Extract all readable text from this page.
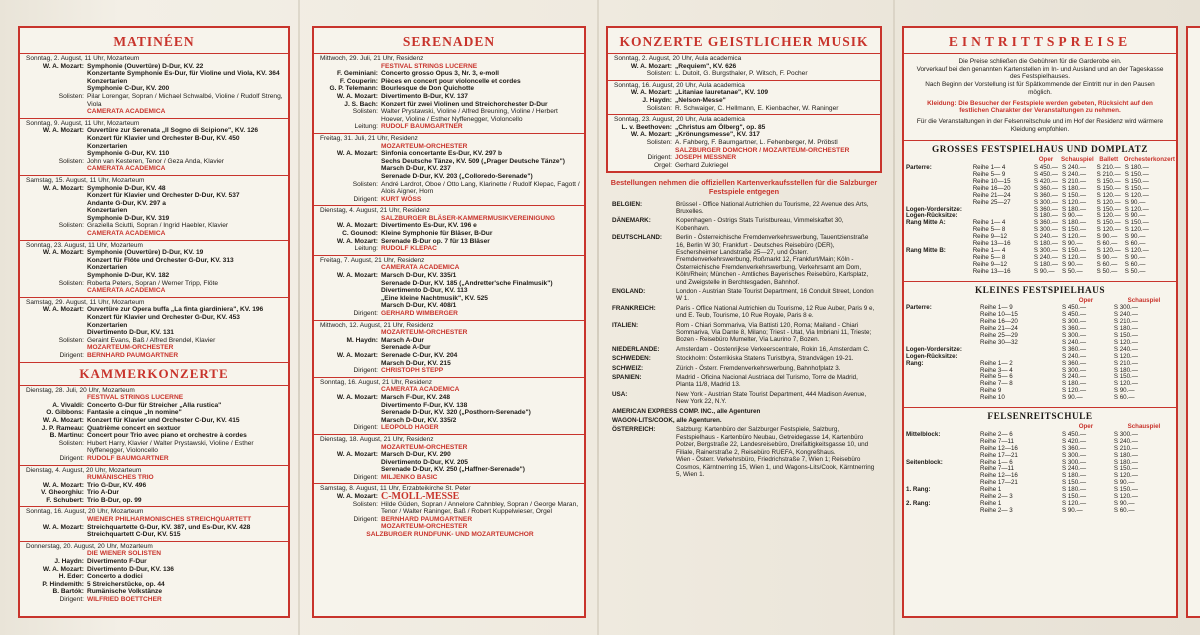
MATINÉEN
Sonntag, 2. August, 11 Uhr, Mozarteum
W. A. Mozart: Symphonie (Ouvertüre) D-Dur, KV. 22
Konzertante Symphonie Es-Dur, für Violine und Viola, KV. 364
Konzertarien
Symphonie C-Dur, KV. 200
Solisten: Pilar Lorengar, Sopran / Michael Schwalbé, Violine / Rudolf Streng, Viola
CAMERATA ACADEMICA
Sonntag, 9. August, 11 Uhr, Mozarteum
W. A. Mozart: Ouvertüre zur Serenata „Il Sogno di Scipione", KV. 126
Konzert für Klavier und Orchester B-Dur, KV. 450
Konzertarien
Symphonie G-Dur, KV. 110
Solisten: John van Kesteren, Tenor / Geza Anda, Klavier
CAMERATA ACADEMICA
Samstag, 15. August, 11 Uhr, Mozarteum
W. A. Mozart: Symphonie D-Dur, KV. 48
Konzert für Klavier und Orchester D-Dur, KV. 537
Andante G-Dur, KV. 297 a
Konzertarien
Symphonie D-Dur, KV. 319
Solisten: Graziella Sciutti, Sopran / Ingrid Haebler, Klavier
CAMERATA ACADEMICA
Sonntag, 23. August, 11 Uhr, Mozarteum
W. A. Mozart: Symphonie (Ouvertüre) D-Dur, KV. 19
Konzert für Flöte und Orchester G-Dur, KV. 313
Konzertarien
Symphonie D-Dur, KV. 182
Solisten: Roberta Peters, Sopran / Werner Tripp, Flöte
CAMERATA ACADEMICA
Samstag, 29. August, 11 Uhr, Mozarteum
W. A. Mozart: Ouvertüre zur Opera buffa „La finta giardiniera", KV. 196
Konzert für Klavier und Orchester G-Dur, KV. 453
Konzertarien
Divertimento D-Dur, KV. 131
Solisten: Geraint Evans, Baß / Alfred Brendel, Klavier
MOZARTEUM-ORCHESTER
Dirigent: BERNHARD PAUMGARTNER
KAMMERKONZERTE
Dienstag, 28. Juli, 20 Uhr, Mozarteum
FESTIVAL STRINGS LUCERNE
A. Vivaldi: Concerto G-Dur für Streicher „Alla rustica"
O. Gibbons: Fantasie a cinque „In nomine"
W. A. Mozart: Konzert für Klavier und Orchester C-Dur, KV. 415
J. P. Rameau: Quatrième concert en sextuor
B. Martinu: Concert pour Trio avec piano et orchestre à cordes
Solisten: Hubert Harry, Klavier / Walter Prystawski, Violine / Esther Nyffenegger, Violoncello
Dirigent: RUDOLF BAUMGARTNER
Dienstag, 4. August, 20 Uhr, Mozarteum
RUMÄNISCHES TRIO
W. A. Mozart: Trio G-Dur, KV. 496
V. Gheorghiu: Trio A-Dur
F. Schubert: Trio B-Dur, op. 99
Sonntag, 16. August, 20 Uhr, Mozarteum
WIENER PHILHARMONISCHES STREICHQUARTETT
W. A. Mozart: Streichquartette G-Dur, KV. 387, und Es-Dur, KV. 428
Streichquartett C-Dur, KV. 515
Donnerstag, 20. August, 20 Uhr, Mozarteum
DIE WIENER SOLISTEN
J. Haydn: Divertimento F-Dur
W. A. Mozart: Divertimento D-Dur, KV. 136
H. Eder: Concerto a dodici
P. Hindemith: 5 Streicherstücke, op. 44
B. Bartók: Rumänische Volkstänze
Dirigent: WILFRIED BOETTCHER
SERENADEN
Mittwoch, 29. Juli, 21 Uhr, Residenz
FESTIVAL STRINGS LUCERNE
F. Geminiani: Concerto grosso Opus 3, Nr. 3, e-moll
F. Couperin: Pièces en concert pour violoncelle et cordes
G. P. Telemann: Bourlesque de Don Quichotte
W. A. Mozart: Divertimento B-Dur, KV. 137
J. S. Bach: Konzert für zwei Violinen und Streichorchester D-Dur
Solisten: Walter Prystawski, Violine / Alfred Breuning, Violine / Herbert Hoever, Violine / Esther Nyffenegger, Violoncello
Leitung: RUDOLF BAUMGARTNER
Freitag, 31. Juli, 21 Uhr, Residenz
MOZARTEUM-ORCHESTER
W. A. Mozart: Sinfonia concertante Es-Dur, KV. 297 b
Sechs Deutsche Tänze, KV. 509 („Prager Deutsche Tänze")
Marsch D-Dur, KV. 237
Serenade D-Dur, KV. 203 („Colloredo-Serenade")
Solisten: André Lardrot, Oboe / Otto Lang, Klarinette / Rudolf Klepac, Fagott / Alois Aigner, Horn
Dirigent: KURT WÖSS
Dienstag, 4. August, 21 Uhr, Residenz
SALZBURGER BLÄSER-KAMMERMUSIKVEREINIGUNG
W. A. Mozart: Divertimento Es-Dur, KV. 196 e
C. Gounod: Kleine Symphonie für Bläser, B-Dur
W. A. Mozart: Serenade B-Dur op. 7 für 13 Bläser
Leitung: RUDOLF KLEPAC
Freitag, 7. August, 21 Uhr, Residenz
CAMERATA ACADEMICA
W. A. Mozart: Marsch D-Dur, KV. 335/1
Serenade D-Dur, KV. 185 („Andretter'sche Finalmusik")
Divertimento D-Dur, KV. 113
„Eine kleine Nachtmusik", KV. 525
Marsch D-Dur, KV. 408/1
Dirigent: GERHARD WIMBERGER
Mittwoch, 12. August, 21 Uhr, Residenz
MOZARTEUM-ORCHESTER
M. Haydn: Marsch A-Dur
Serenade A-Dur
W. A. Mozart: Serenade C-Dur, KV. 204
Marsch D-Dur, KV. 215
Dirigent: CHRISTOPH STEPP
Sonntag, 16. August, 21 Uhr, Residenz
CAMERATA ACADEMICA
W. A. Mozart: Marsch F-Dur, KV. 248
Divertimento F-Dur, KV. 138
Serenade D-Dur, KV. 320 („Posthorn-Serenade")
Marsch D-Dur, KV. 335/2
Dirigent: LEOPOLD HAGER
Dienstag, 18. August, 21 Uhr, Residenz
MOZARTEUM-ORCHESTER
W. A. Mozart: Marsch D-Dur, KV. 290
Divertimento D-Dur, KV. 205
Serenade D-Dur, KV. 250 („Haffner-Serenade")
Dirigent: MILJENKO BASIC
Samstag, 8. August, 11 Uhr, Erzabteikirche St. Peter
W. A. Mozart: C-MOLL-MESSE
Solisten: Hilde Güden, Sopran / Annelore Cahnbley, Sopran / George Maran, Tenor / Walter Raninger, Baß / Robert Kuppelwieser, Orgel
Dirigent: BERNHARD PAUMGARTNER
MOZARTEUM-ORCHESTER
SALZBURGER RUNDFUNK- UND MOZARTEUMCHOR
KONZERTE GEISTLICHER MUSIK
Sonntag, 2. August, 20 Uhr, Aula academica
W. A. Mozart: „Requiem", KV. 626
Solisten: L. Dutoit, G. Burgsthaler, P. Witsch, F. Pocher
Sonntag, 16. August, 20 Uhr, Aula academica
W. A. Mozart: „Litaniae lauretanae", KV. 109
J. Haydn: „Nelson-Messe"
Solisten: R. Schwaiger, C. Hellmann, E. Kienbacher, W. Raninger
Sonntag, 23. August, 20 Uhr, Aula academica
L. v. Beethoven: „Christus am Ölberg", op. 85
W. A. Mozart: „Krönungsmesse", KV. 317
Solisten: A. Fahberg, F. Baumgartner, L. Fehenberger, M. Pröbstl
SALZBURGER DOMCHOR / MOZARTEUM-ORCHESTER
Dirigent: JOSEPH MESSNER
Orgel: Gerhard Zukriegel
Bestellungen nehmen die offiziellen Kartenverkaufsstellen für die Salzburger Festspiele entgegen
BELGIEN:	Brüssel - Office National Autrichien du Tourisme, 22 Avenue des Arts, Bruxelles.
DÄNEMARK:	Kopenhagen - Ostrigs Stats Turistbureau, Vimmelskaftet 30, Kobenhavn.
DEUTSCHLAND:	Berlin - Österreichische Fremdenverkehrswerbung, Tauentzienstraße 16, Berlin W 30; Frankfurt - Deutsches Reisebüro (DER), Eschersheimer Landstraße 25—27, und Österr. Fremdenverkehrswerbung, Roßmarkt 12, Frankfurt/Main; Köln - Österreichische Fremdenverkehrswerbung, Verkehrsamt am Dom, Köln/Rhein; München - Amtliches Bayerisches Reisebüro, Karlsplatz, und Zweigstelle in Berchtesgaden, Bahnhof.
ENGLAND:	London - Austrian State Tourist Department, 16 Conduit Street, London W 1.
FRANKREICH:	Paris - Office National Autrichien du Tourisme, 12 Rue Auber, Paris 9 e, und E. Teub, Tourisme, 10 Rue Royale, Paris 8 e.
ITALIEN:	Rom - Chiari Sommariva, Via Battisti 120, Roma; Mailand - Chiari Sommariva, Via Dante 8, Milano; Triest - Utat, Via Imbriani 11, Trieste; Bozen - Reisebüro Mumelter, Via Laurino 7, Bozen.
NIEDERLANDE:	Amsterdam - Oostenrijkse Verkeerscentrale, Rokin 16, Amsterdam C.
SCHWEDEN:	Stockholm: Österrikiska Statens Turistbyra, Strandvägen 19-21.
SCHWEIZ:	Zürich - Österr. Fremdenverkehrswerbung, Bahnhofplatz 3.
SPANIEN:	Madrid - Oficina Nacional Austriaca del Turismo, Torre de Madrid, Planta 11/8, Madrid 13.
USA:	New York - Austrian State Tourist Department, 444 Madison Avenue, New York 22, N.Y.
AMERICAN EXPRESS COMP. INC., alle Agenturen
WAGON-LITS/COOK, alle Agenturen.
ÖSTERREICH:	Salzburg: Kartenbüro der Salzburger Festspiele, Salzburg, Festspielhaus - Kartenbüro Neubau, Getreidegasse 14, Kartenbüro Polzer, Bergstraße 22, Landesreisebüro, Dreifaltigkeitsgasse 10, und Filiale, Rainerstraße 2, Reisebüro RUEFA, Kongreßhaus.
Wien - Österr. Verkehrsbüro, Friedrichstraße 7, Wien 1; Reisebüro Cosmos, Kärntnerring 15, Wien 1, und Wagons-Lits/Cook, Kärntnerring 5, Wien 1.
EINTRITTSPREISE
Die Preise schließen die Gebühren für die Garderobe ein.
Vorverkauf bei den genannten Kartenstellen im In- und Ausland und an der Tageskasse des Festspielhauses.
Nach Beginn der Vorstellung ist für Spätkommende der Eintritt nur in den Pausen möglich.
Kleidung: Die Besucher der Festspiele werden gebeten, Rücksicht auf den festlichen Charakter der Veranstaltungen zu nehmen.
Für die Veranstaltungen in der Felsenreitschule und im Hof der Residenz wird wärmere Kleidung empfohlen.
GROSSES FESTSPIELHAUS UND DOMPLATZ
		Oper	Schauspiel	Ballett	Orchesterkonzert
Parterre:	Reihe 1— 4	S 450.—	S 240.—	S 210.—	S 180.—
	Reihe 5— 9	S 450.—	S 240.—	S 210.—	S 150.—
	Reihe 10—15	S 420.—	S 210.—	S 150.—	S 150.—
	Reihe 16—20	S 360.—	S 180.—	S 150.—	S 150.—
	Reihe 21—24	S 360.—	S 150.—	S 120.—	S 120.—
	Reihe 25—27	S 300.—	S 120.—	S 120.—	S 90.—
Logen-Vordersitze:		S 360.—	S 180.—	S 150.—	S 120.—
Logen-Rücksitze:		S 180.—	S 90.—	S 120.—	S 90.—
Rang Mitte A:	Reihe 1— 4	S 360.—	S 180.—	S 150.—	S 150.—
	Reihe 5— 8	S 300.—	S 150.—	S 120.—	S 120.—
	Reihe 9—12	S 240.—	S 120.—	S 90.—	S 90.—
	Reihe 13—16	S 180.—	S 90.—	S 60.—	S 60.—
Rang Mitte B:	Reihe 1— 4	S 300.—	S 150.—	S 120.—	S 120.—
	Reihe 5— 8	S 240.—	S 120.—	S 90.—	S 90.—
	Reihe 9—12	S 180.—	S 90.—	S 60.—	S 60.—
	Reihe 13—16	S 90.—	S 50.—	S 50.—	S 50.—
KLEINES FESTSPIELHAUS
		Oper	Schauspiel
Parterre:	Reihe 1— 9	S 450.—	S 300.—
	Reihe 10—15	S 450.—	S 240.—
	Reihe 16—20	S 300.—	S 210.—
	Reihe 21—24	S 360.—	S 180.—
	Reihe 25—29	S 300.—	S 150.—
	Reihe 30—32	S 240.—	S 120.—
Logen-Vordersitze:		S 360.—	S 240.—
Logen-Rücksitze:		S 240.—	S 120.—
Rang:	Reihe 1— 2	S 360.—	S 210.—
	Reihe 3— 4	S 300.—	S 180.—
	Reihe 5— 6	S 240.—	S 150.—
	Reihe 7— 8	S 180.—	S 120.—
	Reihe 9	S 120.—	S 90.—
	Reihe 10	S 90.—	S 60.—
FELSENREITSCHULE
		Oper	Schauspiel
Mittelblock:	Reihe 2— 6	S 450.—	S 300.—
	Reihe 7—11	S 420.—	S 240.—
	Reihe 12—16	S 360.—	S 210.—
	Reihe 17—21	S 300.—	S 180.—
Seitenblock:	Reihe 1— 6	S 300.—	S 180.—
	Reihe 7—11	S 240.—	S 150.—
	Reihe 12—16	S 180.—	S 120.—
	Reihe 17—21	S 150.—	S 90.—
1. Rang:	Reihe 1	S 180.—	S 150.—
	Reihe 2— 3	S 150.—	S 120.—
2. Rang:	Reihe 1	S 120.—	S 90.—
	Reihe 2— 3	S 90.—	S 60.—
